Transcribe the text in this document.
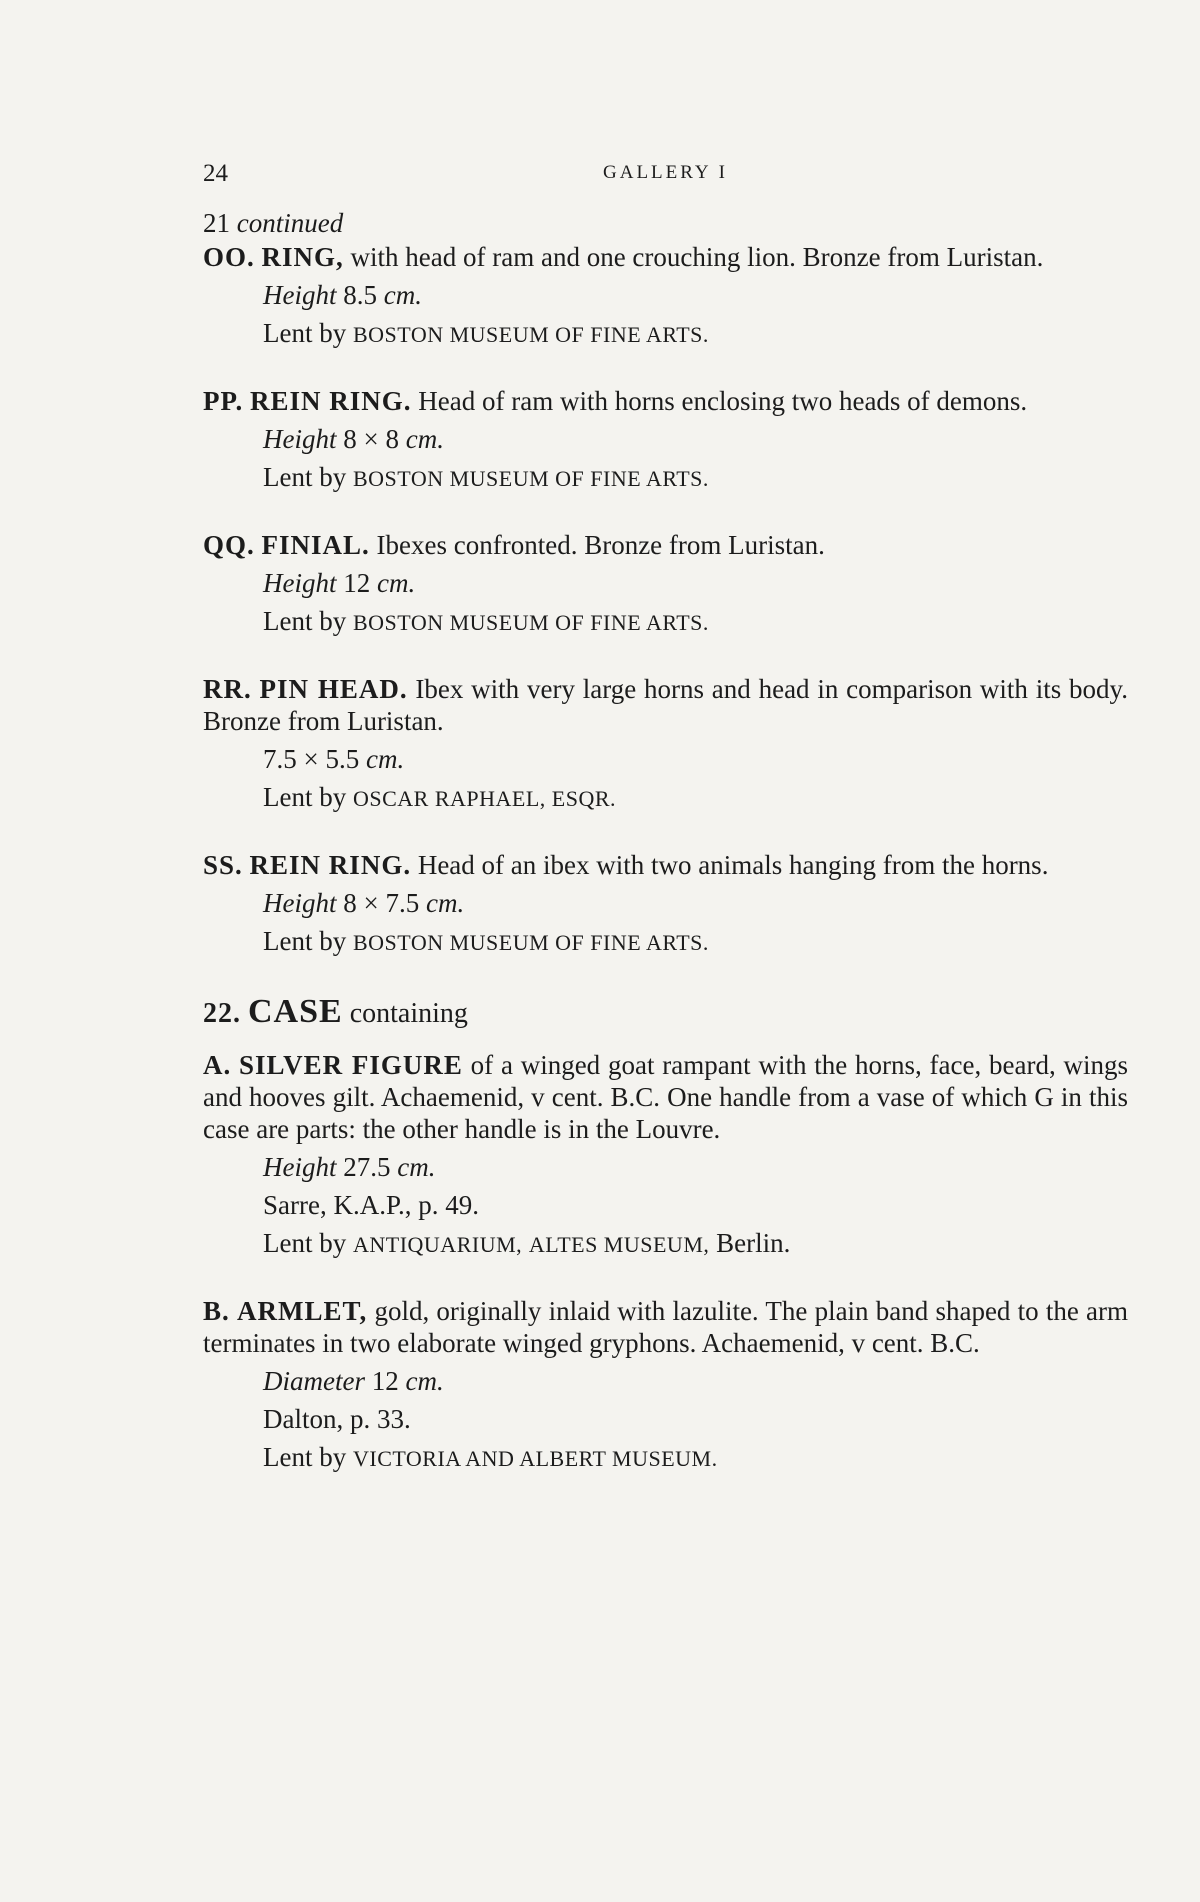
24	GALLERY I

21 continued

OO. RING, with head of ram and one crouching lion. Bronze from Luristan.

Height 8.5 cm.

Lent by BOSTON MUSEUM OF FINE ARTS.

PP. REIN RING. Head of ram with horns enclosing two heads of demons.

Height 8 × 8 cm.

Lent by BOSTON MUSEUM OF FINE ARTS.

QQ. FINIAL. Ibexes confronted. Bronze from Luristan.

Height 12 cm.

Lent by BOSTON MUSEUM OF FINE ARTS.

RR. PIN HEAD. Ibex with very large horns and head in comparison with its body. Bronze from Luristan.

7.5 × 5.5 cm.

Lent by OSCAR RAPHAEL, ESQR.

SS. REIN RING. Head of an ibex with two animals hanging from the horns.

Height 8 × 7.5 cm.

Lent by BOSTON MUSEUM OF FINE ARTS.

22. CASE containing

A. SILVER FIGURE of a winged goat rampant with the horns, face, beard, wings and hooves gilt. Achaemenid, v cent. B.C. One handle from a vase of which G in this case are parts: the other handle is in the Louvre.

Height 27.5 cm.

Sarre, K.A.P., p. 49.

Lent by ANTIQUARIUM, ALTES MUSEUM, Berlin.

B. ARMLET, gold, originally inlaid with lazulite. The plain band shaped to the arm terminates in two elaborate winged gryphons. Achaemenid, v cent. B.C.

Diameter 12 cm.

Dalton, p. 33.

Lent by VICTORIA AND ALBERT MUSEUM.
